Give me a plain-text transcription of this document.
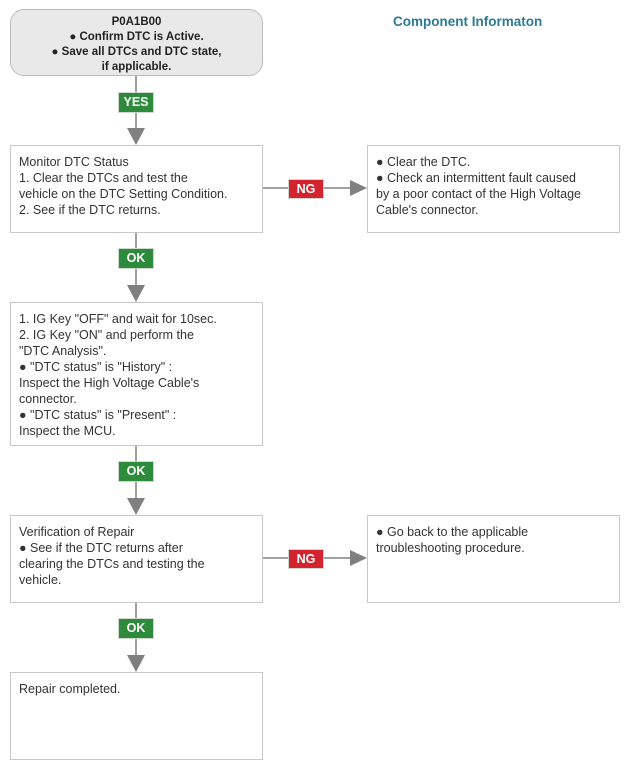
Component Informaton
P0A1B00
● Confirm DTC is Active.
● Save all DTCs and DTC state,
if applicable.
YES
Monitor DTC Status
1. Clear the DTCs and test the
vehicle on the DTC Setting Condition.
2. See if the DTC returns.
NG
● Clear the DTC.
● Check an intermittent fault caused
by a poor contact of the High Voltage
Cable's connector.
OK
1. IG Key "OFF" and wait for 10sec.
2. IG Key "ON" and perform the
"DTC Analysis".
● "DTC status" is "History" :
Inspect the High Voltage Cable's
connector.
● "DTC status" is "Present" :
Inspect the MCU.
OK
Verification of Repair
● See if the DTC returns after
clearing the DTCs and testing the
vehicle.
NG
● Go back to the applicable
troubleshooting procedure.
OK
Repair completed.
